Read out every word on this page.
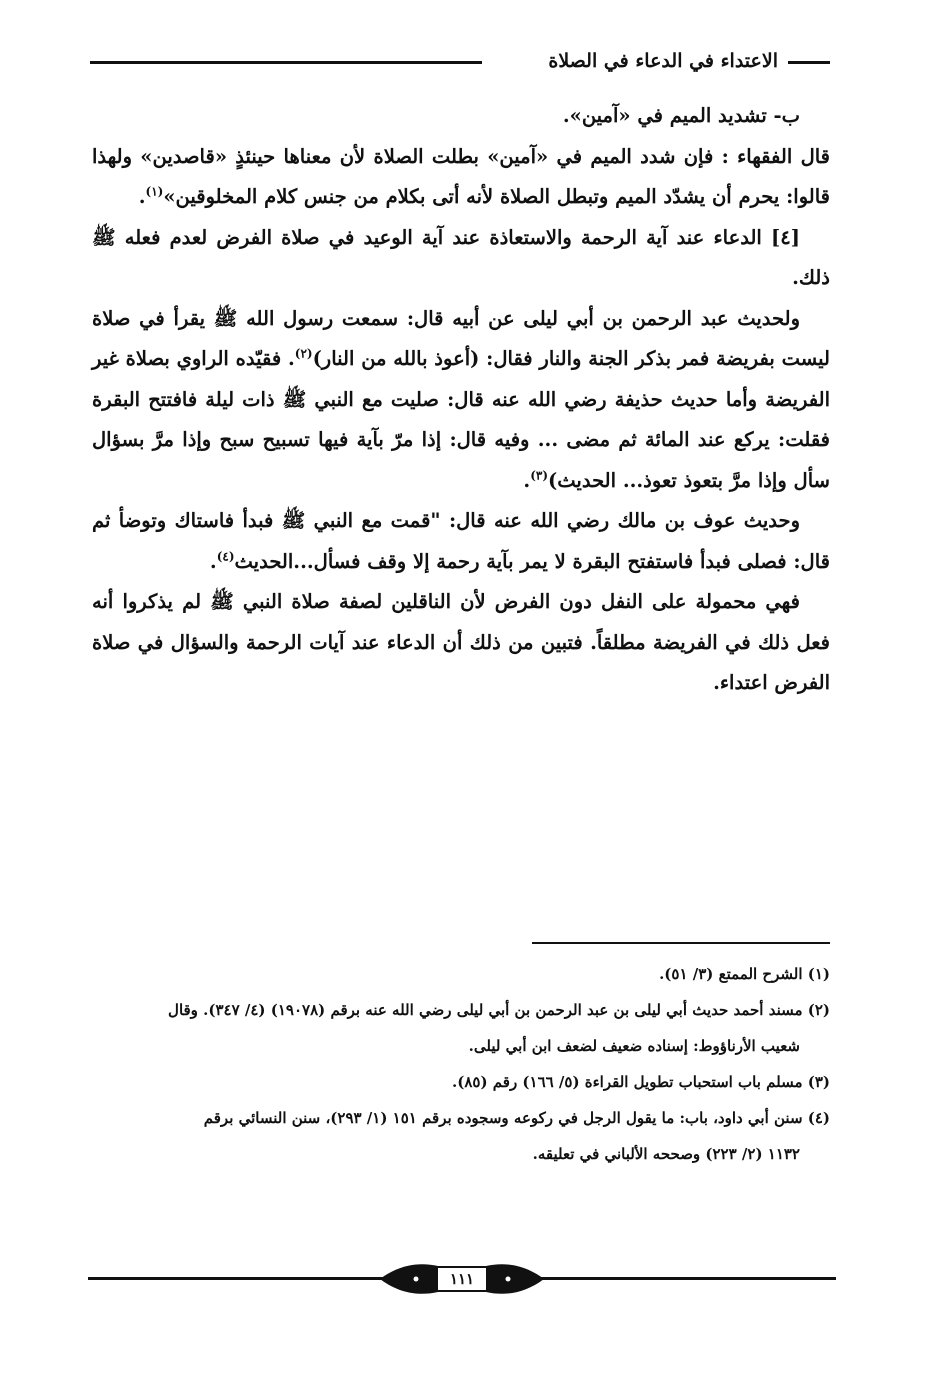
الاعتداء في الدعاء في الصلاة

ب- تشديد الميم في «آمين».

قال الفقهاء : فإن شدد الميم في «آمين» بطلت الصلاة لأن معناها حينئذٍ «قاصدين» ولهذا قالوا: يحرم أن يشدّد الميم وتبطل الصلاة لأنه أتى بكلام من جنس كلام المخلوقين»$^{(١)}$.

[٤] الدعاء عند آية الرحمة والاستعاذة عند آية الوعيد في صلاة الفرض لعدم فعله ﷺ ذلك.

ولحديث عبد الرحمن بن أبي ليلى عن أبيه قال: سمعت رسول الله ﷺ يقرأ في صلاة ليست بفريضة فمر بذكر الجنة والنار فقال: (أعوذ بالله من النار)$^{(٢)}$. فقيّده الراوي بصلاة غير الفريضة وأما حديث حذيفة رضي الله عنه قال: صليت مع النبي ﷺ ذات ليلة فافتتح البقرة فقلت: يركع عند المائة ثم مضى ... وفيه قال: إذا مرّ بآية فيها تسبيح سبح وإذا مرَّ بسؤال سأل وإذا مرَّ بتعوذ تعوذ... الحديث)$^{(٣)}$.

وحديث عوف بن مالك رضي الله عنه قال: "قمت مع النبي ﷺ فبدأ فاستاك وتوضأ ثم قال: فصلى فبدأ فاستفتح البقرة لا يمر بآية رحمة إلا وقف فسأل...الحديث$^{(٤)}$.

فهي محمولة على النفل دون الفرض لأن الناقلين لصفة صلاة النبي ﷺ لم يذكروا أنه فعل ذلك في الفريضة مطلقاً. فتبين من ذلك أن الدعاء عند آيات الرحمة والسؤال في صلاة الفرض اعتداء.

(١) الشرح الممتع (٣/ ٥١).

(٢) مسند أحمد حديث أبي ليلى بن عبد الرحمن بن أبي ليلى رضي الله عنه برقم (١٩٠٧٨) (٤/ ٣٤٧). وقال

شعيب الأرناؤوط: إسناده ضعيف لضعف ابن أبي ليلى.

(٣) مسلم باب استحباب تطويل القراءة (٥/ ١٦٦) رقم (٨٥).

(٤) سنن أبي داود، باب: ما يقول الرجل في ركوعه وسجوده برقم ١٥١ (١/ ٢٩٣)، سنن النسائي برقم

١١٣٢ (٢/ ٢٢٣) وصححه الألباني في تعليقه.

١١١
